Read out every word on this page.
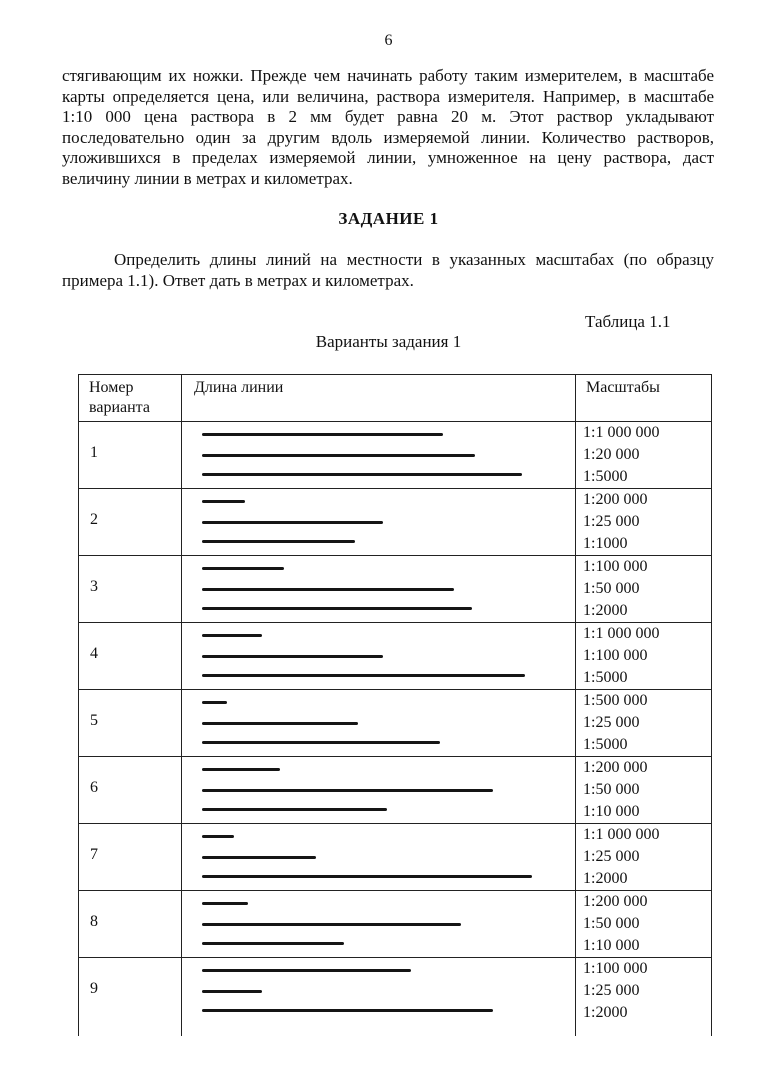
6

стягивающим их ножки. Прежде чем начинать работу таким измерителем, в масштабе карты определяется цена, или величина, раствора измерителя. Например, в масштабе 1:10 000 цена раствора в 2 мм будет равна 20 м. Этот раствор укладывают последовательно один за другим вдоль измеряемой линии. Количество растворов, уложившихся в пределах измеряемой линии, умноженное на цену раствора, даст величину линии в метрах и километрах.

ЗАДАНИЕ 1

Определить длины линий на местности в указанных масштабах (по образцу примера 1.1). Ответ дать в метрах и километрах.

Таблица 1.1
Варианты задания 1
Номер варианта	Длина линии	Масштабы

1		1:1 000 000
1:20 000
1:5000

2		1:200 000
1:25 000
1:1000

3		1:100 000
1:50 000
1:2000

4		1:1 000 000
1:100 000
1:5000

5		1:500 000
1:25 000
1:5000

6		1:200 000
1:50 000
1:10 000

7		1:1 000 000
1:25 000
1:2000

8		1:200 000
1:50 000
1:10 000

9		1:100 000
1:25 000
1:2000
